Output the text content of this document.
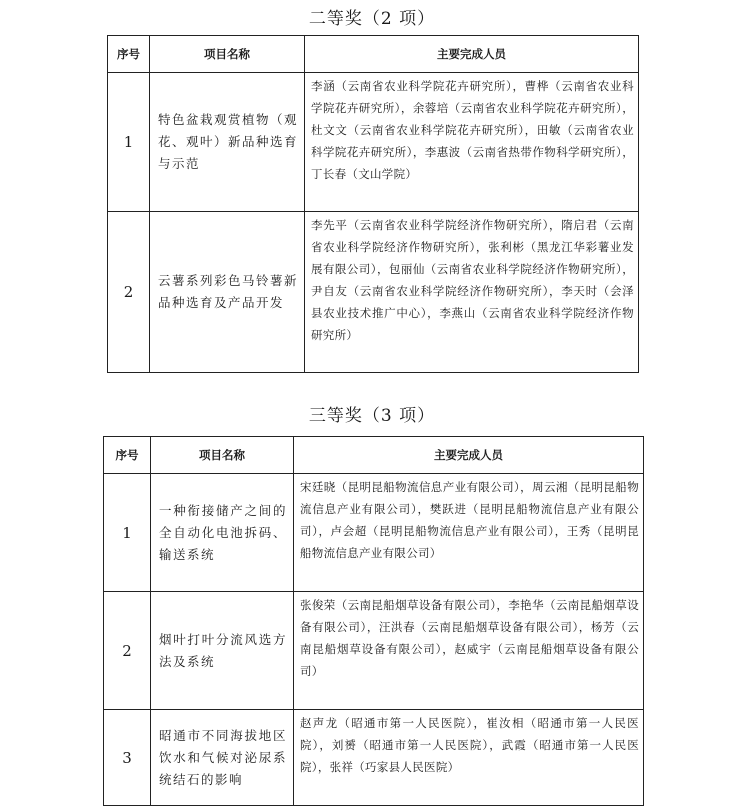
二等奖（2 项）
序号	项目名称	主要完成人员
1	特色盆栽观赏植物（观花、观叶）新品种选育与示范	李涵（云南省农业科学院花卉研究所），曹桦（云南省农业科学院花卉研究所），余蓉培（云南省农业科学院花卉研究所），杜文文（云南省农业科学院花卉研究所），田敏（云南省农业科学院花卉研究所），李惠波（云南省热带作物科学研究所），丁长春（文山学院）
2	云薯系列彩色马铃薯新品种选育及产品开发	李先平（云南省农业科学院经济作物研究所），隋启君（云南省农业科学院经济作物研究所），张利彬（黑龙江华彩薯业发展有限公司），包丽仙（云南省农业科学院经济作物研究所），尹自友（云南省农业科学院经济作物研究所），李天时（会泽县农业技术推广中心），李燕山（云南省农业科学院经济作物研究所）
三等奖（3 项）
序号	项目名称	主要完成人员
1	一种衔接储产之间的全自动化电池拆码、输送系统	宋廷晓（昆明昆船物流信息产业有限公司），周云湘（昆明昆船物流信息产业有限公司），樊跃进（昆明昆船物流信息产业有限公司），卢会超（昆明昆船物流信息产业有限公司），王秀（昆明昆船物流信息产业有限公司）
2	烟叶打叶分流风选方法及系统	张俊荣（云南昆船烟草设备有限公司），李艳华（云南昆船烟草设备有限公司），汪洪春（云南昆船烟草设备有限公司），杨芳（云南昆船烟草设备有限公司），赵威宇（云南昆船烟草设备有限公司）
3	昭通市不同海拔地区饮水和气候对泌尿系统结石的影响	赵声龙（昭通市第一人民医院），崔汝相（昭通市第一人民医院），刘赟（昭通市第一人民医院），武霞（昭通市第一人民医院），张祥（巧家县人民医院）
